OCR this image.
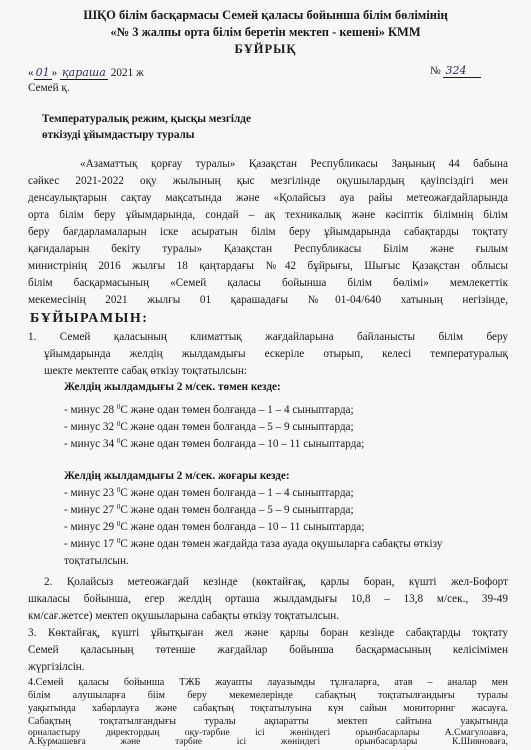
ШҚО білім басқармасы Семей қаласы бойынша білім бөлімінің
«№ 3 жалпы орта білім беретін мектеп - кешені» КММ
БҰЙРЫҚ
« 01 » қараша 2021 ж	№ 324
Семей қ.
Температуралық режим, қысқы мезгілде
өткізуді ұйымдастыру туралы
«Азаматтық қорғау туралы» Қазақстан Республикасы Заңының 44 бабына
сәйкес 2021-2022 оқу жылының қыс мезгілінде оқушылардың қауіпсіздігі мен
денсаулықтарын сақтау мақсатында және «Қолайсыз ауа райы метеожағдайларында
орта білім беру ұйымдарында, сондай – ақ техникалық және кәсіптік білімнің білім
беру бағдарламаларын іске асыратын білім беру ұйымдарында сабақтарды тоқтату
қағидаларын бекіту туралы» Қазақстан Республикасы Білім және ғылым
министрінің 2016 жылғы 18 қаңтардағы №42 бұйрығы, Шығыс Қазақстан облысы
білім басқармасының «Семей қаласы бойынша білім бөлімі» мемлекеттік
мекемесінің 2021 жылғы 01 қарашадағы №01-04/640 хатының негізінде,
БҰЙЫРАМЫН:
1. Семей қаласының климаттық жағдайларына байланысты білім беру
ұйымдарында желдің жылдамдығы ескеріле отырып, келесі температуралық
шекте мектепте сабақ өткізу тоқтатылсын:
Желдің жылдамдығы 2 м/сек. төмен кезде:
- минус 28 $^0$С және одан төмен болғанда – 1 – 4 сыныптарда;
- минус 32 $^0$С және одан төмен болғанда – 5 – 9 сыныптарда;
- минус 34 $^0$С және одан төмен болғанда – 10 – 11 сыныптарда;
Желдің жылдамдығы 2 м/сек. жоғары кезде:
- минус 23 $^0$С және одан төмен болғанда – 1 – 4 сыныптарда;
- минус 27 $^0$С және одан төмен болғанда – 5 – 9 сыныптарда;
- минус 29 $^0$С және одан төмен болғанда – 10 – 11 сыныптарда;
- минус 17 $^0$С және одан төмен жағдайда таза ауада оқушыларға сабақты өткізу
тоқтатылсын.
2. Қолайсыз метеожағдай кезінде (көктайғақ, қарлы боран, күшті жел-Бофорт
шкаласы бойынша, егер желдің орташа жылдамдығы 10,8 – 13,8 м/сек., 39-49
км/сағ.жетсе) мектеп оқушыларына сабақты өткізу тоқтатылсын.
3. Көктайғақ, күшті ұйытқыған жел және қарлы боран кезінде сабақтарды тоқтату
Семей қаласының төтенше жағдайлар бойынша басқармасының келісімімен
жүргізілсін.
4.Семей қаласы бойынша ТЖБ жауапты лауазымды тұлғаларға, атав – аналар мен
білім алушыларға біім беру мекемелерінде сабақтың тоқтатылғандығы туралы
уақытында хабарлауға және сабақтың тоқтатылуына күн сайын мониторинг жасауға.
Сабақтың тоқтатылғандығы туралы ақпаратты мектеп сайтына уақытында
орналастыру директордың оқу-тәрбие ісі жөніндегі орынбасарлары А.Смагулоавға,
А.Курмашевға және тәрбие ісі жөніндегі орынбасарлары К.Шияноваға,
